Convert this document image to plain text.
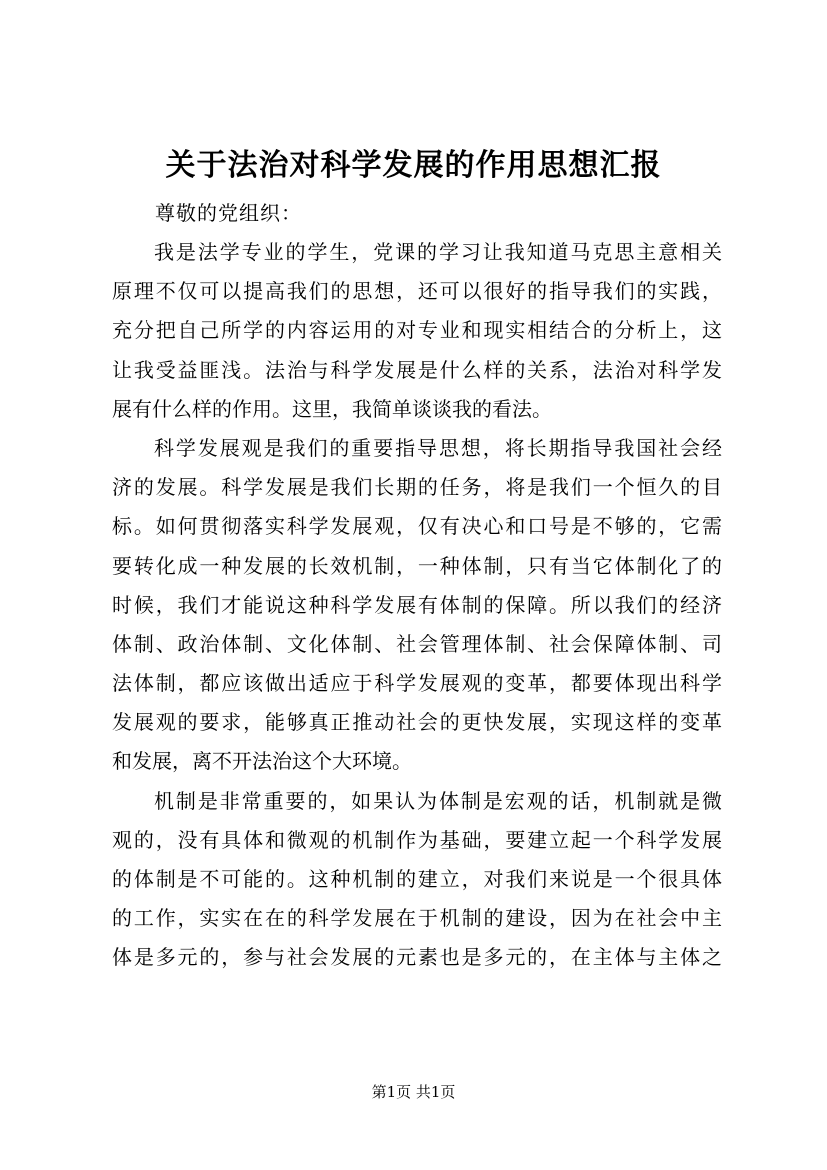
关于法治对科学发展的作用思想汇报
尊敬的党组织：
我是法学专业的学生，党课的学习让我知道马克思主意相关
原理不仅可以提高我们的思想，还可以很好的指导我们的实践，
充分把自己所学的内容运用的对专业和现实相结合的分析上，这
让我受益匪浅。法治与科学发展是什么样的关系，法治对科学发
展有什么样的作用。这里，我简单谈谈我的看法。
科学发展观是我们的重要指导思想，将长期指导我国社会经
济的发展。科学发展是我们长期的任务，将是我们一个恒久的目
标。如何贯彻落实科学发展观，仅有决心和口号是不够的，它需
要转化成一种发展的长效机制，一种体制，只有当它体制化了的
时候，我们才能说这种科学发展有体制的保障。所以我们的经济
体制、政治体制、文化体制、社会管理体制、社会保障体制、司
法体制，都应该做出适应于科学发展观的变革，都要体现出科学
发展观的要求，能够真正推动社会的更快发展，实现这样的变革
和发展，离不开法治这个大环境。
机制是非常重要的，如果认为体制是宏观的话，机制就是微
观的，没有具体和微观的机制作为基础，要建立起一个科学发展
的体制是不可能的。这种机制的建立，对我们来说是一个很具体
的工作，实实在在的科学发展在于机制的建设，因为在社会中主
体是多元的，参与社会发展的元素也是多元的，在主体与主体之
第1页 共1页
